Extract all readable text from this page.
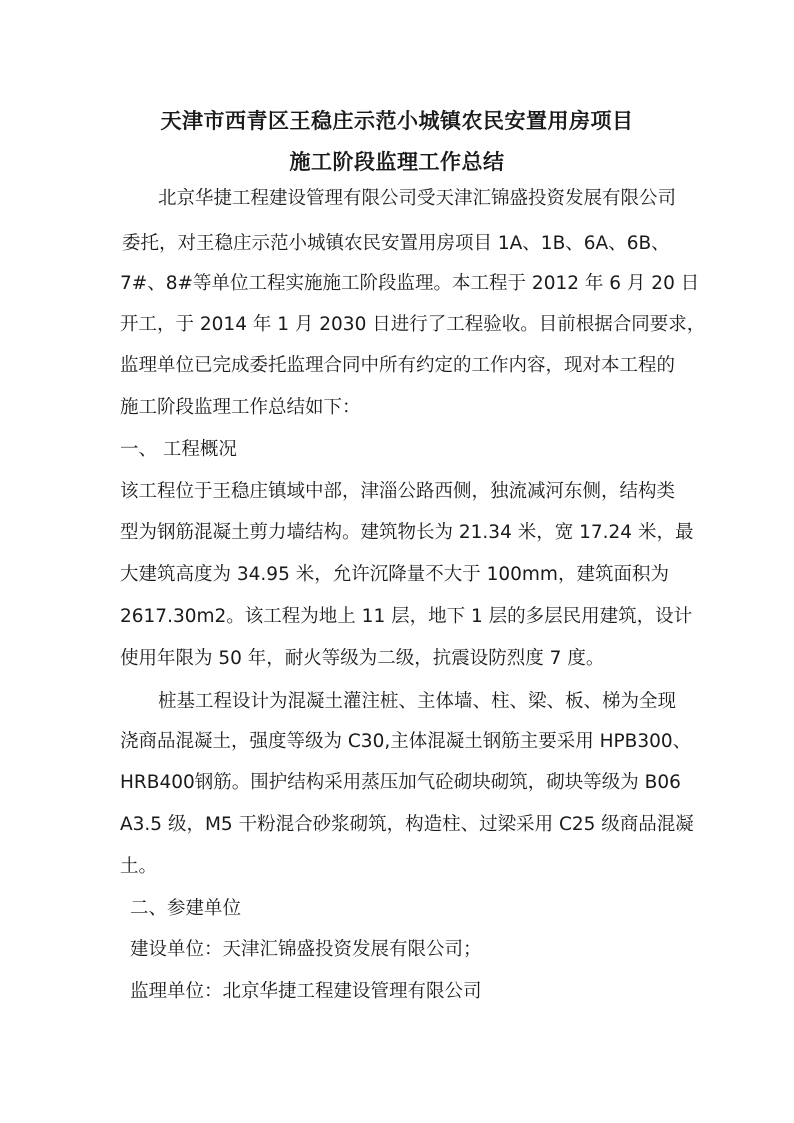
天津市西青区王稳庄示范小城镇农民安置用房项目
施工阶段监理工作总结
北京华捷工程建设管理有限公司受天津汇锦盛投资发展有限公司
委托，对王稳庄示范小城镇农民安置用房项目 1A、1B、6A、6B、
7#、8#等单位工程实施施工阶段监理。本工程于 2012 年 6 月 20 日
开工，于 2014 年 1 月 2030 日进行了工程验收。目前根据合同要求，
监理单位已完成委托监理合同中所有约定的工作内容，现对本工程的
施工阶段监理工作总结如下：
一、 工程概况
该工程位于王稳庄镇域中部，津淄公路西侧，独流减河东侧，结构类
型为钢筋混凝土剪力墙结构。建筑物长为 21.34 米，宽 17.24 米，最
大建筑高度为 34.95 米，允许沉降量不大于 100mm，建筑面积为
2617.30m2。该工程为地上 11 层，地下 1 层的多层民用建筑，设计
使用年限为 50 年，耐火等级为二级，抗震设防烈度 7 度。
桩基工程设计为混凝土灌注桩、主体墙、柱、梁、板、梯为全现
浇商品混凝土，强度等级为 C30,主体混凝土钢筋主要采用 HPB300、
HRB400钢筋。围护结构采用蒸压加气砼砌块砌筑，砌块等级为 B06
A3.5 级，M5 干粉混合砂浆砌筑，构造柱、过梁采用 C25 级商品混凝
土。
二、参建单位
建设单位：天津汇锦盛投资发展有限公司；
监理单位：北京华捷工程建设管理有限公司
